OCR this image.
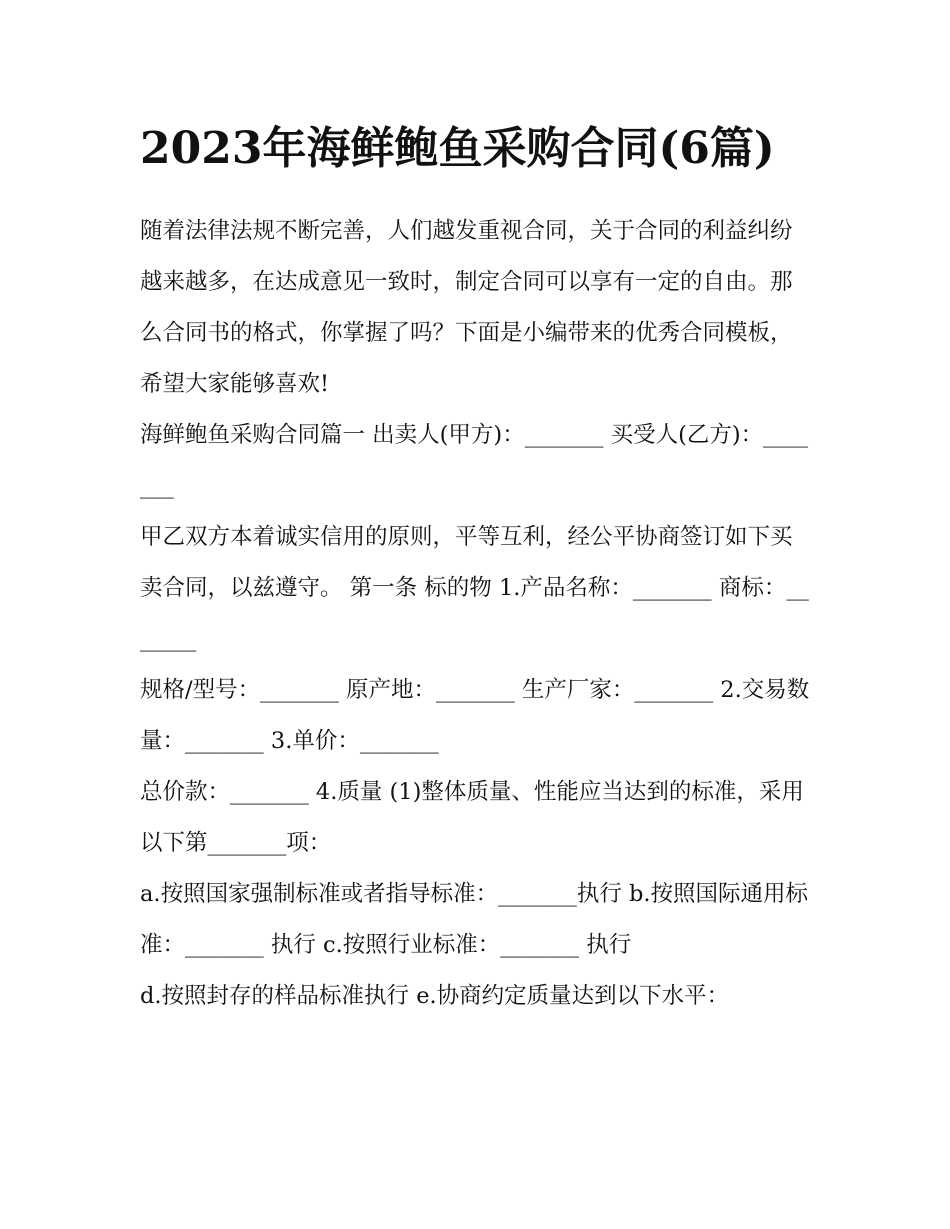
2023年海鲜鲍鱼采购合同(6篇)

随着法律法规不断完善，人们越发重视合同，关于合同的利益纠纷越来越多，在达成意见一致时，制定合同可以享有一定的自由。那么合同书的格式，你掌握了吗？下面是小编带来的优秀合同模板，希望大家能够喜欢!

海鲜鲍鱼采购合同篇一 出卖人(甲方)：_______ 买受人(乙方)：_______

甲乙双方本着诚实信用的原则，平等互利，经公平协商签订如下买卖合同，以兹遵守。 第一条 标的物 1.产品名称：_______ 商标：_______

规格/型号：_______ 原产地：_______ 生产厂家：_______ 2.交易数量：_______ 3.单价：_______

总价款：_______ 4.质量 (1)整体质量、性能应当达到的标准，采用以下第_______项：

a.按照国家强制标准或者指导标准：_______执行 b.按照国际通用标准：_______ 执行 c.按照行业标准：_______ 执行

d.按照封存的样品标准执行 e.协商约定质量达到以下水平：
